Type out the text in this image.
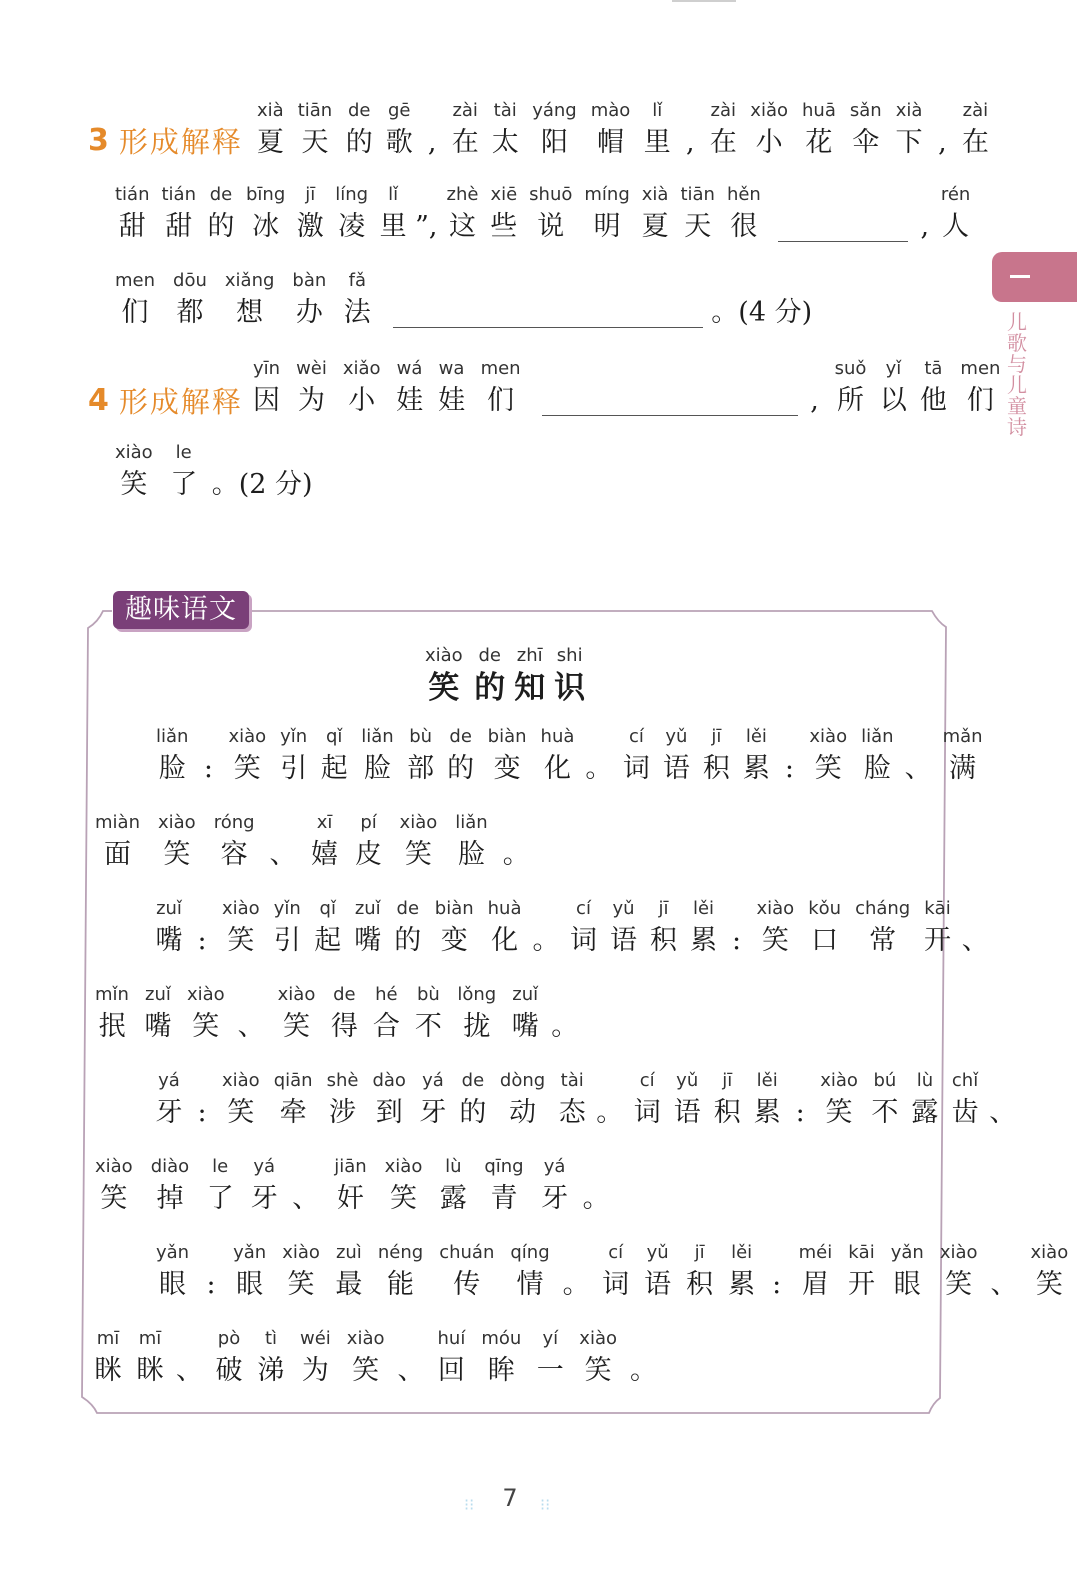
3 形成解释
xià
夏
tiān
天
de
的
gē
歌 ,
zài
在
tài
太
yáng
阳
mào
帽
lǐ
里 ,
zài
在
xiǎo
小
huā
花
sǎn
伞
xià
下 ,
zài
在
tián
甜
tián
甜
de
的
bīng
冰
jī
激
líng
凌
lǐ
里 ”,
zhè
这
xiē
些
shuō
说
míng
明
xià
夏
tiān
天
hěn
很	,
rén
人
men
们
dōu
都
xiǎng
想
bàn
办
fǎ
法	。(4 分)
4 形成解释
yīn
因
wèi
为
xiǎo
小
wá
娃
wa
娃
men
们	,
suǒ
所
yǐ
以
tā
他
men
们
xiào
笑
le
了 。(2 分)
儿歌与儿童诗
趣味语文
xiào
笑
de
的
zhī
知
shi
识
liǎn
脸 :
xiào
笑
yǐn
引
qǐ
起
liǎn
脸
bù
部
de
的
biàn
变
huà
化 。
cí
词
yǔ
语
jī
积
lěi
累 :
xiào
笑
liǎn
脸 、
mǎn
满
miàn
面
xiào
笑
róng
容 、
xī
嬉
pí
皮
xiào
笑
liǎn
脸 。
zuǐ
嘴 :
xiào
笑
yǐn
引
qǐ
起
zuǐ
嘴
de
的
biàn
变
huà
化 。
cí
词
yǔ
语
jī
积
lěi
累 :
xiào
笑
kǒu
口
cháng
常
kāi
开 、
mǐn
抿
zuǐ
嘴
xiào
笑 、
xiào
笑
de
得
hé
合
bù
不
lǒng
拢
zuǐ
嘴 。
yá
牙 :
xiào
笑
qiān
牵
shè
涉
dào
到
yá
牙
de
的
dòng
动
tài
态 。
cí
词
yǔ
语
jī
积
lěi
累 :
xiào
笑
bú
不
lù
露
chǐ
齿 、
xiào
笑
diào
掉
le
了
yá
牙 、
jiān
奸
xiào
笑
lù
露
qīng
青
yá
牙 。
yǎn
眼 :
yǎn
眼
xiào
笑
zuì
最
néng
能
chuán
传
qíng
情 。
cí
词
yǔ
语
jī
积
lěi
累 :
méi
眉
kāi
开
yǎn
眼
xiào
笑 、
xiào
笑
mī
眯
mī
眯 、
pò
破
tì
涕
wéi
为
xiào
笑 、
huí
回
móu
眸
yí
一
xiào
笑 。
⁝⁝	7	⁝⁝
